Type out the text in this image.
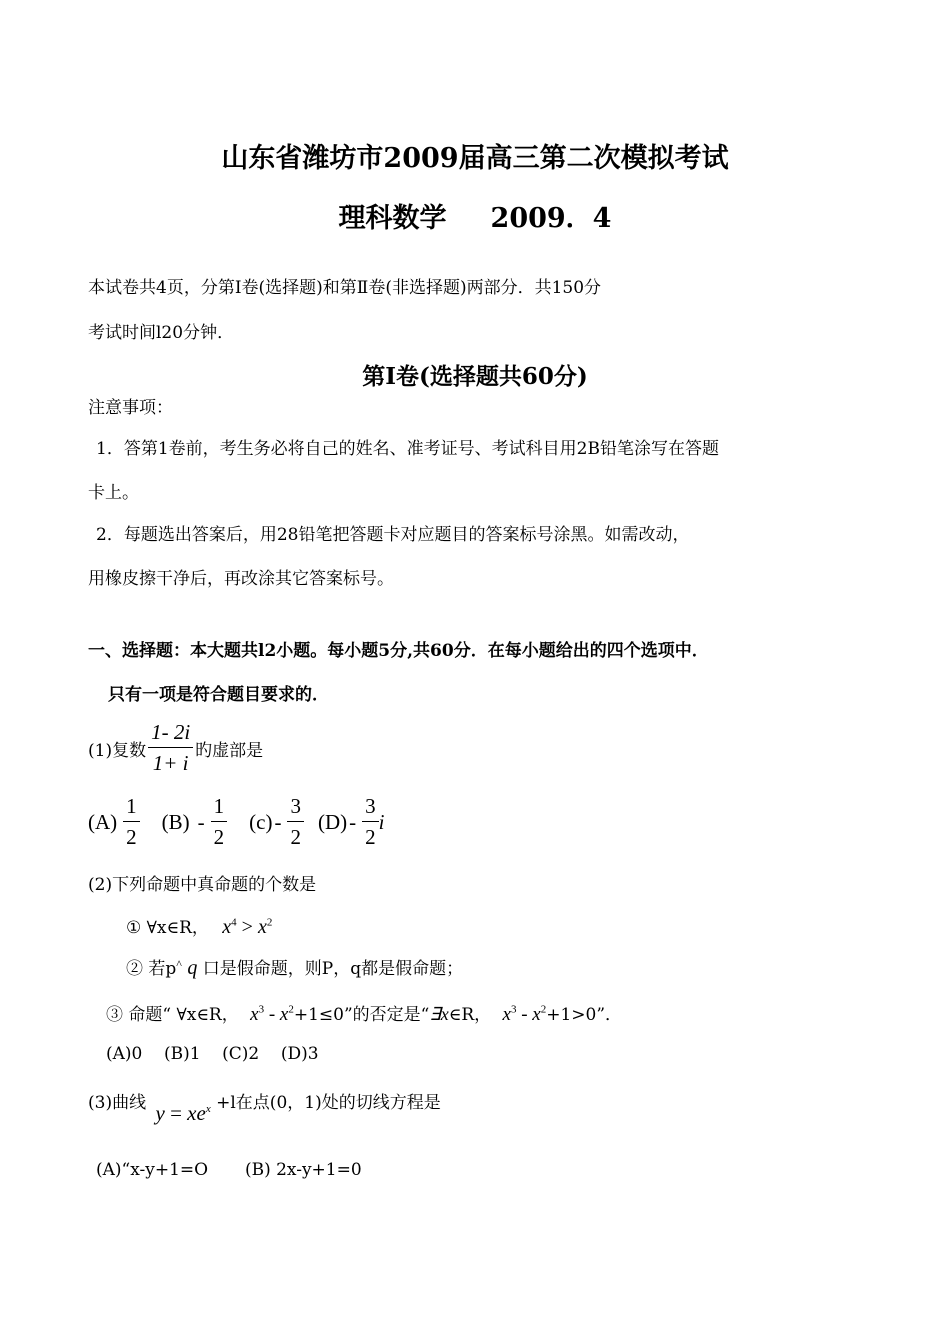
山东省潍坊市2009届高三第二次模拟考试
理科数学 2009．4
本试卷共4页，分第I卷(选择题)和第Ⅱ卷(非选择题)两部分．共150分
考试时间l20分钟．
第I卷(选择题共60分)
注意事项：
1．答第1卷前，考生务必将自己的姓名、准考证号、考试科目用2B铅笔涂写在答题
卡上。
2．每题选出答案后，用28铅笔把答题卡对应题目的答案标号涂黑。如需改动，
用橡皮擦干净后，再改涂其它答案标号。
一、选择题：本大题共l2小题。每小题5分,共60分．在每小题给出的四个选项中．
只有一项是符合题目要求的．
(1)复数 $\frac{1- 2i}{1+ i}$ 旳虚部是
$(A) \frac{1}{2} (B) - \frac{1}{2} (c) - \frac{3}{2} (D) - \frac{3}{2}$ i
(2)下列命题中真命题的个数是
① ∀x∈R， $x^4 > x^2$
② 若p^ q 口是假命题，则P，q都是假命题；
③ 命题“ ∀x∈R， $x^3 - x^2+1\le 0$”的否定是“∃x∈R， $x^3 - x^2+1>0$”．
(A)0    (B)1    (C)2    (D)3
(3)曲线 $y = xe^x +l$在点(0，1)处的切线方程是
(A)“x-y+1=O (B) 2x-y+1=0
